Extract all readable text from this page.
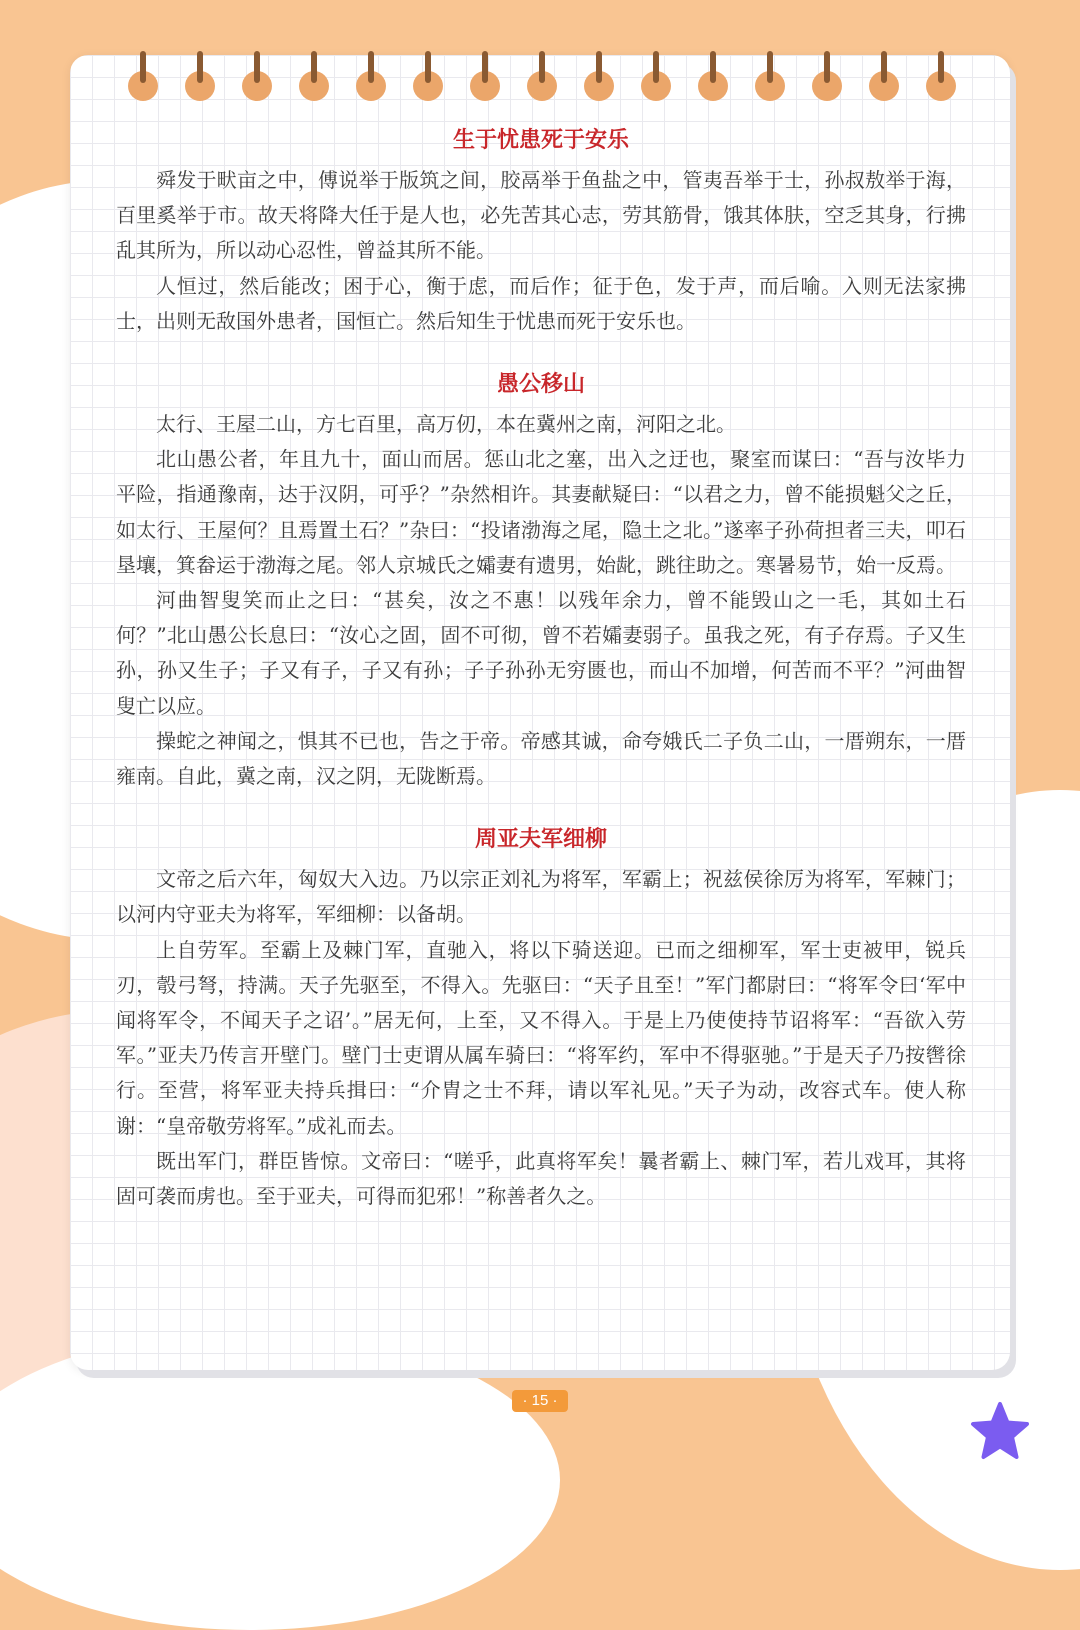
生于忧患死于安乐

舜发于畎亩之中，傅说举于版筑之间，胶鬲举于鱼盐之中，管夷吾举于士，孙叔敖举于海，百里奚举于市。故天将降大任于是人也，必先苦其心志，劳其筋骨，饿其体肤，空乏其身，行拂乱其所为，所以动心忍性，曾益其所不能。

人恒过，然后能改；困于心，衡于虑，而后作；征于色，发于声，而后喻。入则无法家拂士，出则无敌国外患者，国恒亡。然后知生于忧患而死于安乐也。

愚公移山

太行、王屋二山，方七百里，高万仞，本在冀州之南，河阳之北。

北山愚公者，年且九十，面山而居。惩山北之塞，出入之迂也，聚室而谋曰：“吾与汝毕力平险，指通豫南，达于汉阴，可乎？”杂然相许。其妻献疑曰：“以君之力，曾不能损魁父之丘，如太行、王屋何？且焉置土石？”杂曰：“投诸渤海之尾，隐土之北。”遂率子孙荷担者三夫，叩石垦壤，箕畚运于渤海之尾。邻人京城氏之孀妻有遗男，始龀，跳往助之。寒暑易节，始一反焉。

河曲智叟笑而止之曰：“甚矣，汝之不惠！以残年余力，曾不能毁山之一毛，其如土石何？”北山愚公长息曰：“汝心之固，固不可彻，曾不若孀妻弱子。虽我之死，有子存焉。子又生孙，孙又生子；子又有子，子又有孙；子子孙孙无穷匮也，而山不加增，何苦而不平？”河曲智叟亡以应。

操蛇之神闻之，惧其不已也，告之于帝。帝感其诚，命夸娥氏二子负二山，一厝朔东，一厝雍南。自此，冀之南，汉之阴，无陇断焉。

周亚夫军细柳

文帝之后六年，匈奴大入边。乃以宗正刘礼为将军，军霸上；祝兹侯徐厉为将军，军棘门；以河内守亚夫为将军，军细柳：以备胡。

上自劳军。至霸上及棘门军，直驰入，将以下骑送迎。已而之细柳军，军士吏被甲，锐兵刃，彀弓弩，持满。天子先驱至，不得入。先驱曰：“天子且至！”军门都尉曰：“将军令曰‘军中闻将军令，不闻天子之诏’。”居无何，上至，又不得入。于是上乃使使持节诏将军：“吾欲入劳军。”亚夫乃传言开壁门。壁门士吏谓从属车骑曰：“将军约，军中不得驱驰。”于是天子乃按辔徐行。至营，将军亚夫持兵揖曰：“介胄之士不拜，请以军礼见。”天子为动，改容式车。使人称谢：“皇帝敬劳将军。”成礼而去。

既出军门，群臣皆惊。文帝曰：“嗟乎，此真将军矣！曩者霸上、棘门军，若儿戏耳，其将固可袭而虏也。至于亚夫，可得而犯邪！”称善者久之。

· 15 ·
